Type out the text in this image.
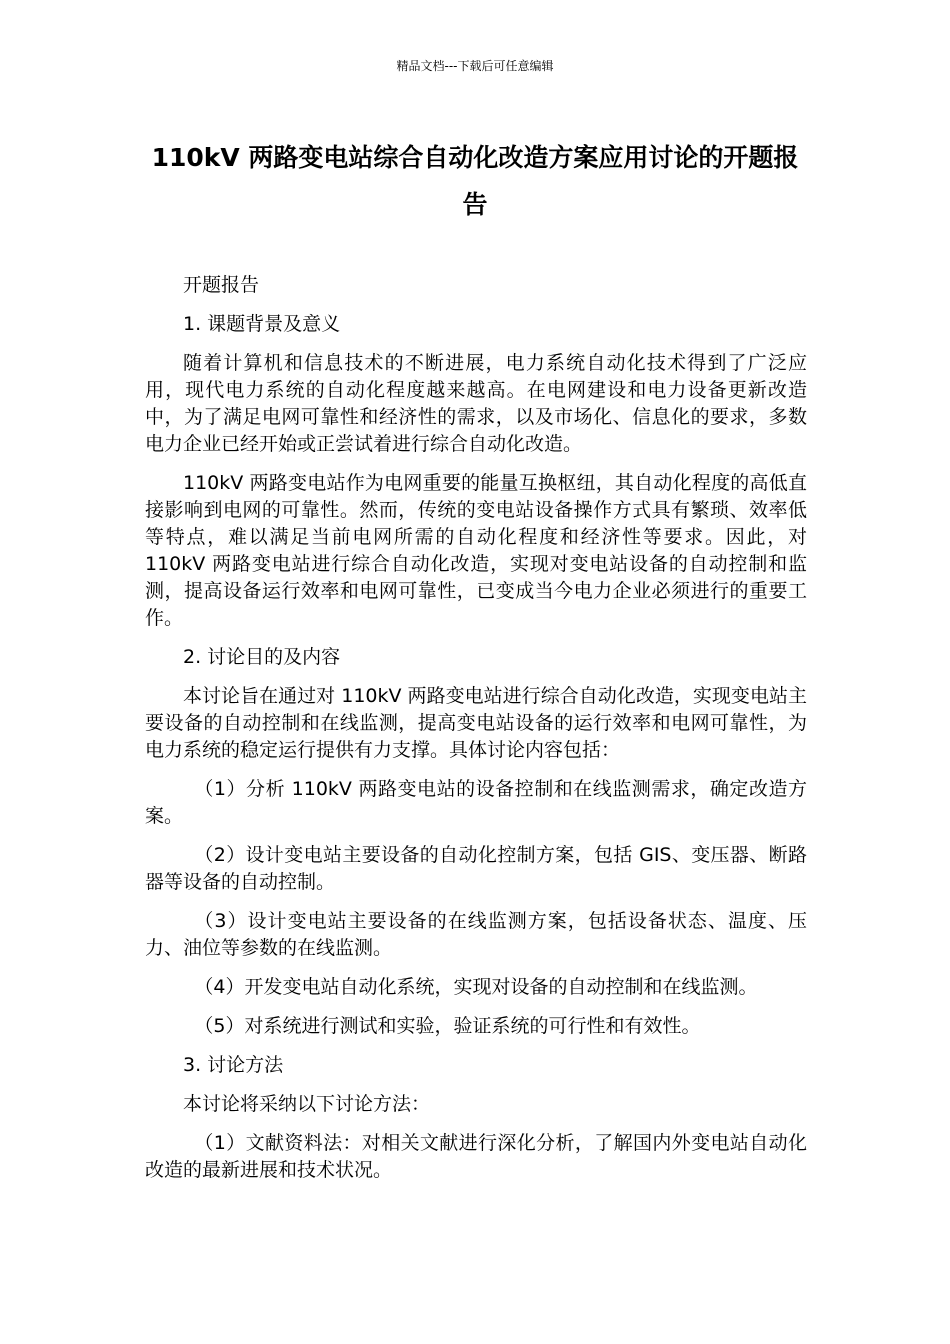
精品文档---下载后可任意编辑
110kV 两路变电站综合自动化改造方案应用讨论的开题报告

开题报告

1. 课题背景及意义

随着计算机和信息技术的不断进展，电力系统自动化技术得到了广泛应用，现代电力系统的自动化程度越来越高。在电网建设和电力设备更新改造中，为了满足电网可靠性和经济性的需求，以及市场化、信息化的要求，多数电力企业已经开始或正尝试着进行综合自动化改造。

110kV 两路变电站作为电网重要的能量互换枢纽，其自动化程度的高低直接影响到电网的可靠性。然而，传统的变电站设备操作方式具有繁琐、效率低等特点，难以满足当前电网所需的自动化程度和经济性等要求。因此，对 110kV 两路变电站进行综合自动化改造，实现对变电站设备的自动控制和监测，提高设备运行效率和电网可靠性，已变成当今电力企业必须进行的重要工作。

2. 讨论目的及内容

本讨论旨在通过对 110kV 两路变电站进行综合自动化改造，实现变电站主要设备的自动控制和在线监测，提高变电站设备的运行效率和电网可靠性，为电力系统的稳定运行提供有力支撑。具体讨论内容包括：

（1）分析 110kV 两路变电站的设备控制和在线监测需求，确定改造方案。

（2）设计变电站主要设备的自动化控制方案，包括 GIS、变压器、断路器等设备的自动控制。

（3）设计变电站主要设备的在线监测方案，包括设备状态、温度、压力、油位等参数的在线监测。

（4）开发变电站自动化系统，实现对设备的自动控制和在线监测。

（5）对系统进行测试和实验，验证系统的可行性和有效性。

3. 讨论方法

本讨论将采纳以下讨论方法：

（1）文献资料法：对相关文献进行深化分析，了解国内外变电站自动化改造的最新进展和技术状况。
